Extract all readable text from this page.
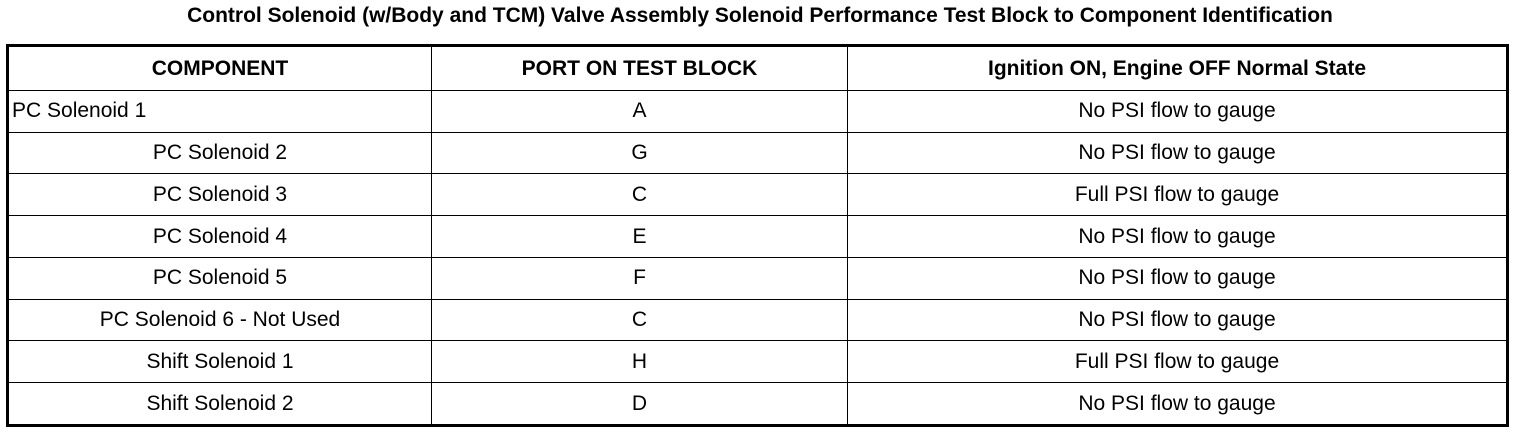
Control Solenoid (w/Body and TCM) Valve Assembly Solenoid Performance Test Block to Component Identification
COMPONENT	PORT ON TEST BLOCK	Ignition ON, Engine OFF Normal State
PC Solenoid 1	A	No PSI flow to gauge
PC Solenoid 2	G	No PSI flow to gauge
PC Solenoid 3	C	Full PSI flow to gauge
PC Solenoid 4	E	No PSI flow to gauge
PC Solenoid 5	F	No PSI flow to gauge
PC Solenoid 6 - Not Used	C	No PSI flow to gauge
Shift Solenoid 1	H	Full PSI flow to gauge
Shift Solenoid 2	D	No PSI flow to gauge
